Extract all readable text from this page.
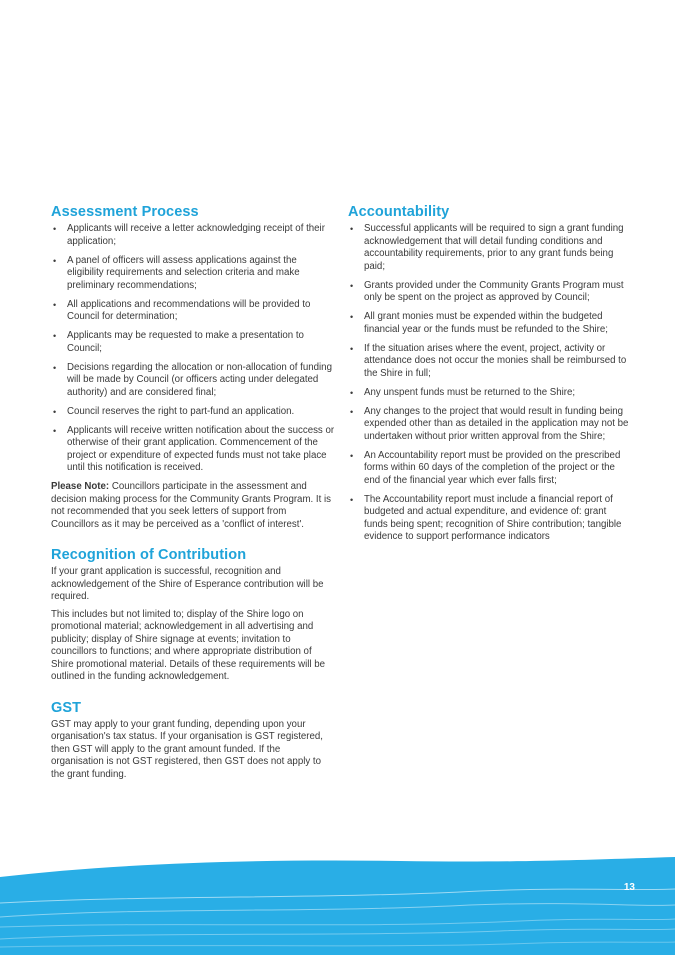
Assessment Process
• Applicants will receive a letter acknowledging receipt of their application;
• A panel of officers will assess applications against the eligibility requirements and selection criteria and make preliminary recommendations;
• All applications and recommendations will be provided to Council for determination;
• Applicants may be requested to make a presentation to Council;
• Decisions regarding the allocation or non-allocation of funding will be made by Council (or officers acting under delegated authority) and are considered final;
• Council reserves the right to part-fund an application.
• Applicants will receive written notification about the success or otherwise of their grant application. Commencement of the project or expenditure of expected funds must not take place until this notification is received.

Please Note: Councillors participate in the assessment and decision making process for the Community Grants Program. It is not recommended that you seek letters of support from Councillors as it may be perceived as a 'conflict of interest'.

Recognition of Contribution

If your grant application is successful, recognition and acknowledgement of the Shire of Esperance contribution will be required.

This includes but not limited to; display of the Shire logo on promotional material; acknowledgement in all advertising and publicity; display of Shire signage at events; invitation to councillors to functions; and where appropriate distribution of Shire promotional material. Details of these requirements will be outlined in the funding acknowledgement.

GST

GST may apply to your grant funding, depending upon your organisation's tax status. If your organisation is GST registered, then GST will apply to the grant amount funded. If the organisation is not GST registered, then GST does not apply to the grant funding.

Accountability
• Successful applicants will be required to sign a grant funding acknowledgement that will detail funding conditions and accountability requirements, prior to any grant funds being paid;
• Grants provided under the Community Grants Program must only be spent on the project as approved by Council;
• All grant monies must be expended within the budgeted financial year or the funds must be refunded to the Shire;
• If the situation arises where the event, project, activity or attendance does not occur the monies shall be reimbursed to the Shire in full;
• Any unspent funds must be returned to the Shire;
• Any changes to the project that would result in funding being expended other than as detailed in the application may not be undertaken without prior written approval from the Shire;
• An Accountability report must be provided on the prescribed forms within 60 days of the completion of the project or the end of the financial year which ever falls first;
• The Accountability report must include a financial report of budgeted and actual expenditure, and evidence of: grant funds being spent; recognition of Shire contribution; tangible evidence to support performance indicators
13
